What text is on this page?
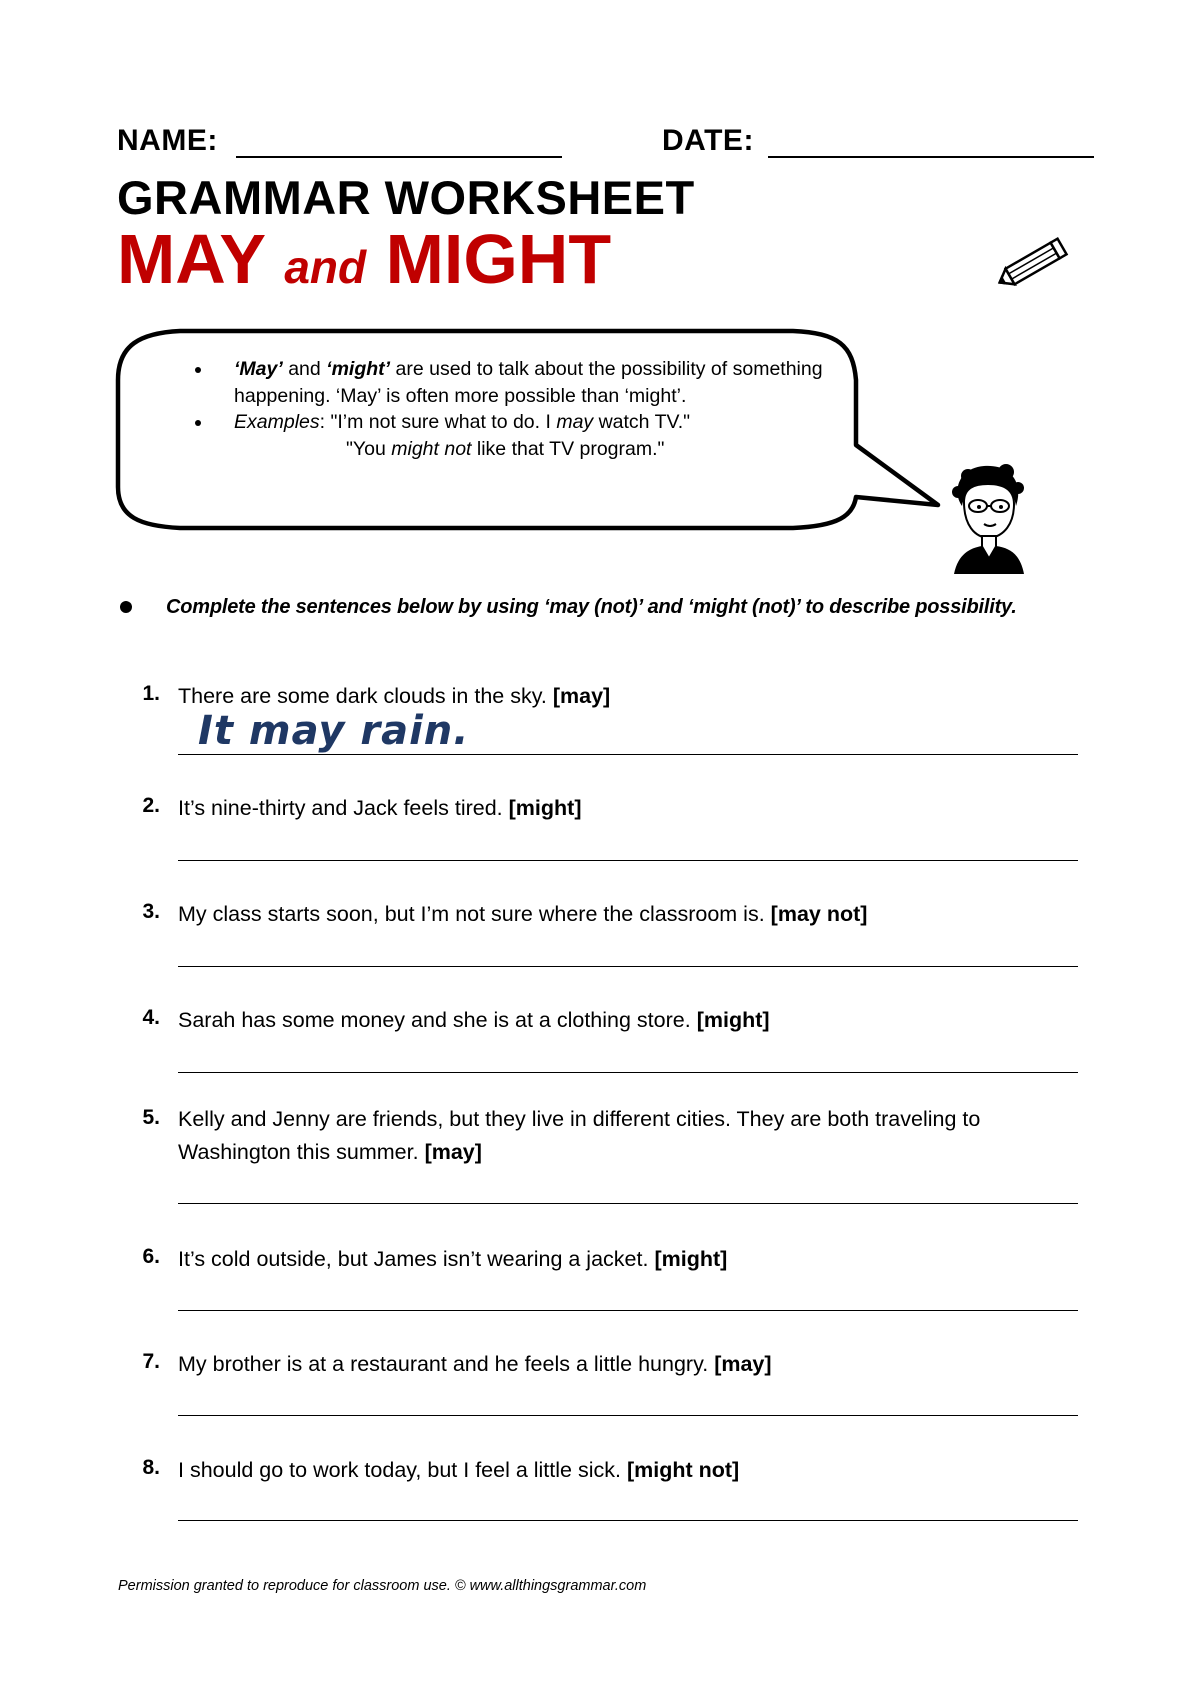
NAME:	DATE:
GRAMMAR WORKSHEET
MAY and MIGHT
‘May’ and ‘might’ are used to talk about the possibility of something happening. ‘May’ is often more possible than ‘might’.
Examples: "I’m not sure what to do. I may watch TV."
"You might not like that TV program."
Complete the sentences below by using ‘may (not)’ and ‘might (not)’ to describe possibility.
1. There are some dark clouds in the sky. [may]
It may rain.
2. It’s nine-thirty and Jack feels tired. [might]
3. My class starts soon, but I’m not sure where the classroom is. [may not]
4. Sarah has some money and she is at a clothing store. [might]
5. Kelly and Jenny are friends, but they live in different cities. They are both traveling to Washington this summer. [may]
6. It’s cold outside, but James isn’t wearing a jacket. [might]
7. My brother is at a restaurant and he feels a little hungry. [may]
8. I should go to work today, but I feel a little sick. [might not]
Permission granted to reproduce for classroom use. © www.allthingsgrammar.com
